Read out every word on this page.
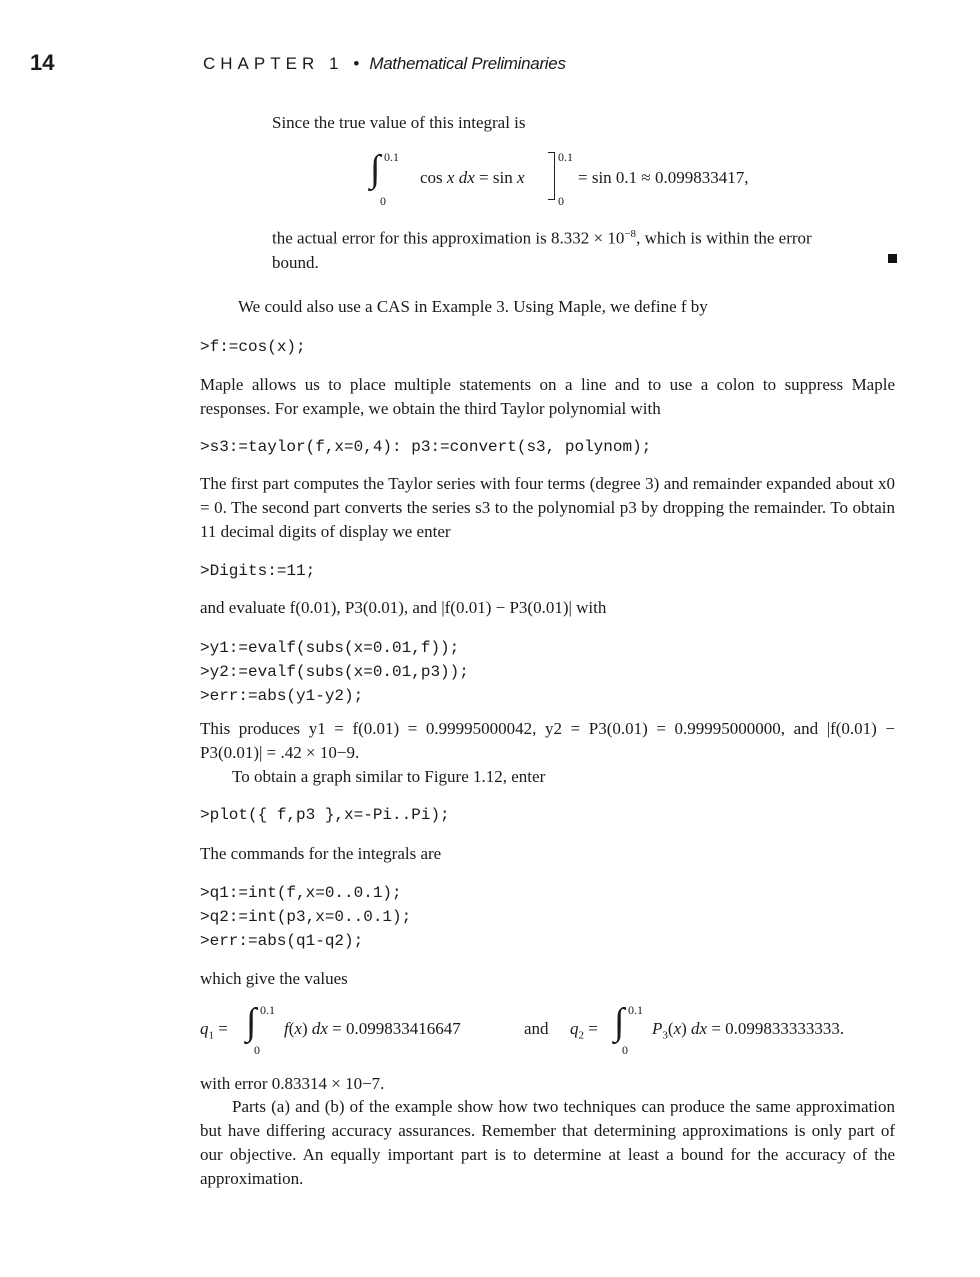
14	CHAPTER 1 • Mathematical Preliminaries
Since the true value of this integral is
∫ 0.1
0
cos x dx = sin x
0.1
0
= sin 0.1 ≈ 0.099833417,
the actual error for this approximation is $8.332 \times 10^{-8}$, which is within the error
bound.
We could also use a CAS in Example 3. Using Maple, we define f by
>f:=cos(x);
Maple allows us to place multiple statements on a line and to use a colon to suppress Maple responses. For example, we obtain the third Taylor polynomial with
>s3:=taylor(f,x=0,4): p3:=convert(s3, polynom);
The first part computes the Taylor series with four terms (degree 3) and remainder expanded about x0 = 0. The second part converts the series s3 to the polynomial p3 by dropping the remainder. To obtain 11 decimal digits of display we enter
>Digits:=11;
and evaluate f(0.01), P3(0.01), and |f(0.01) − P3(0.01)| with
>y1:=evalf(subs(x=0.01,f));
>y2:=evalf(subs(x=0.01,p3));
>err:=abs(y1-y2);
This produces y1 = f(0.01) = 0.99995000042, y2 = P3(0.01) = 0.99995000000, and |f(0.01) − P3(0.01)| = .42 × 10−9.
To obtain a graph similar to Figure 1.12, enter
>plot({ f,p3 },x=-Pi..Pi);
The commands for the integrals are
>q1:=int(f,x=0..0.1);
>q2:=int(p3,x=0..0.1);
>err:=abs(q1-q2);
which give the values
$q_1$ = ∫ 0.1
0
f(x) dx = 0.099833416647	and $q_2$ = ∫ 0.1
0
$P_3(x)$ dx = 0.099833333333.
with error 0.83314 × 10−7.
Parts (a) and (b) of the example show how two techniques can produce the same approximation but have differing accuracy assurances. Remember that determining approximations is only part of our objective. An equally important part is to determine at least a bound for the accuracy of the approximation.
